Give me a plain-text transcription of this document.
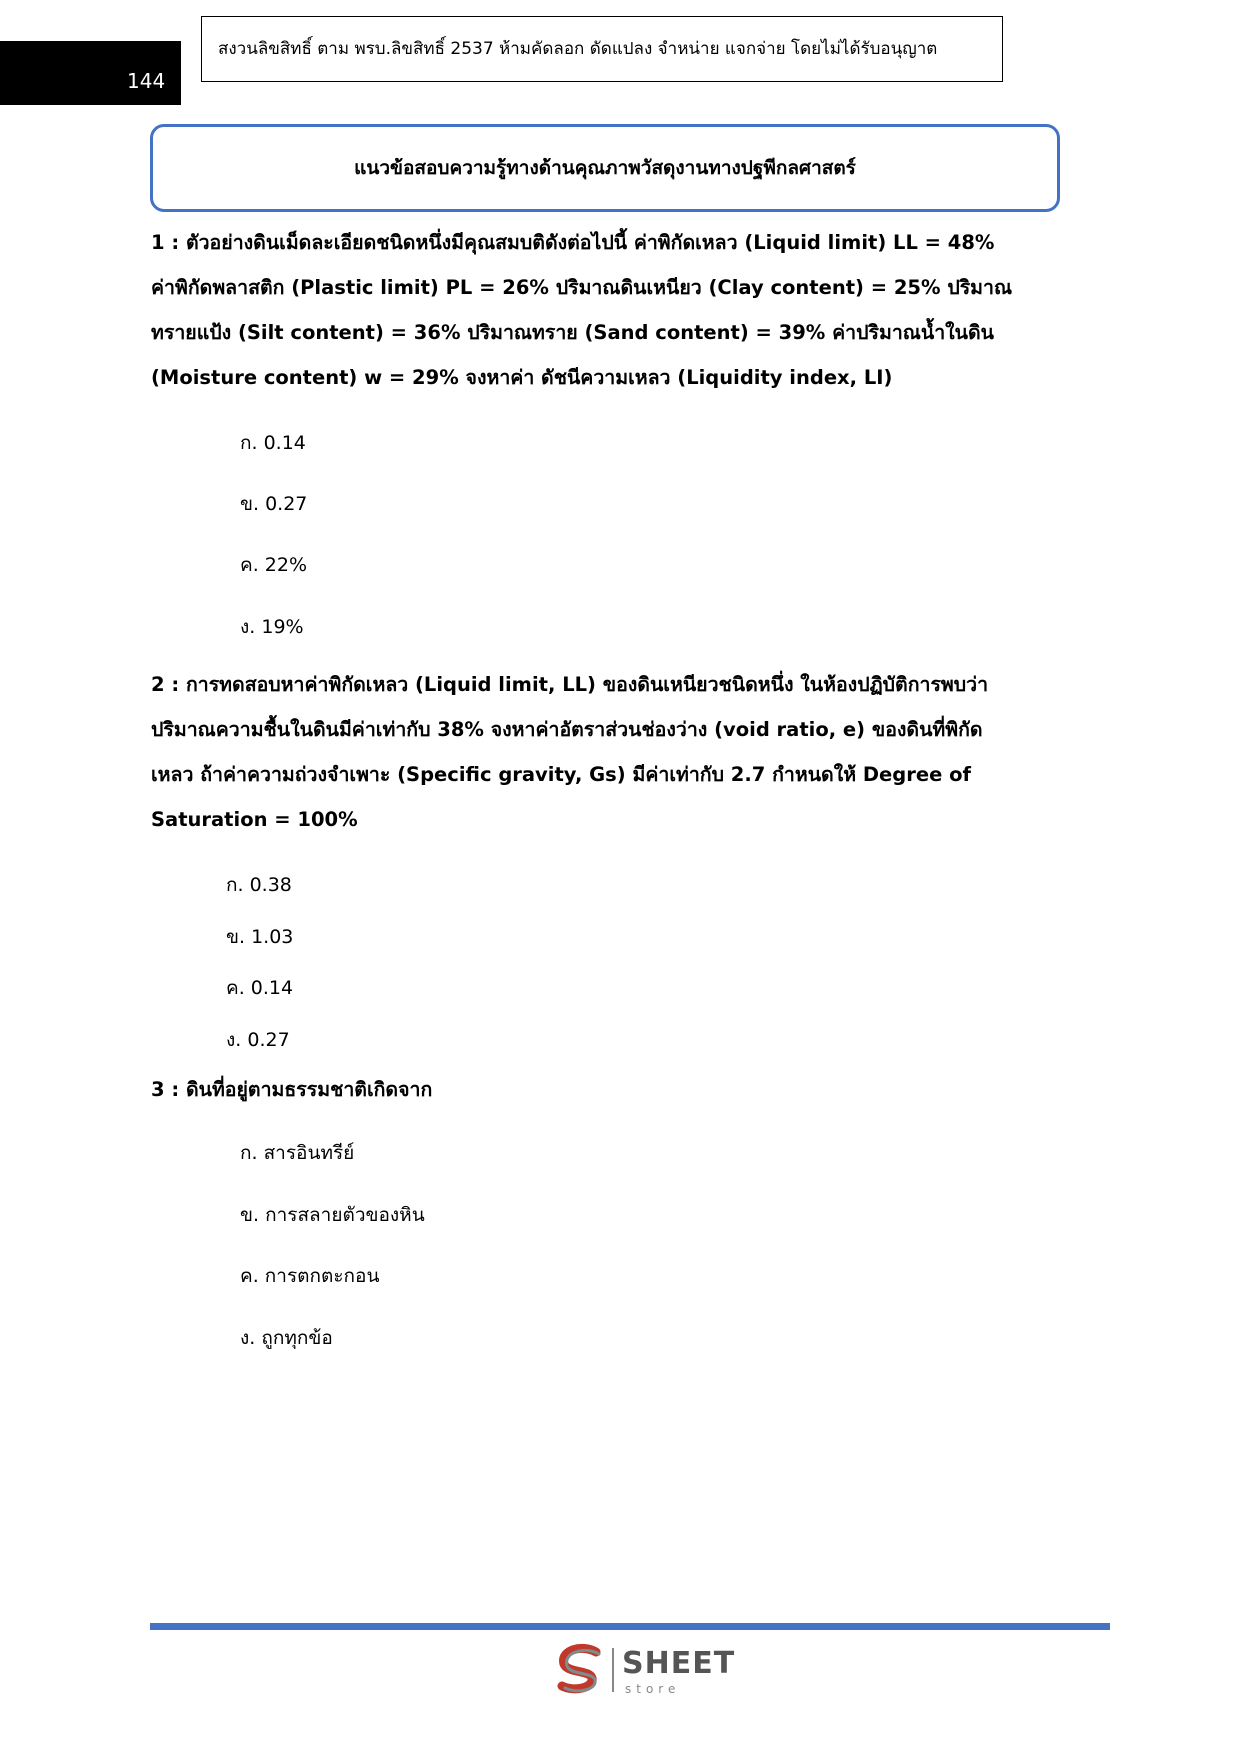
144
สงวนลิขสิทธิ์ ตาม พรบ.ลิขสิทธิ์ 2537 ห้ามคัดลอก ดัดแปลง จำหน่าย แจกจ่าย โดยไม่ได้รับอนุญาต
แนวข้อสอบความรู้ทางด้านคุณภาพวัสดุงานทางปฐพีกลศาสตร์
1 : ตัวอย่างดินเม็ดละเอียดชนิดหนึ่งมีคุณสมบติดังต่อไปนี้ ค่าพิกัดเหลว (Liquid limit) LL = 48%
ค่าพิกัดพลาสติก (Plastic limit) PL = 26% ปริมาณดินเหนียว (Clay content) = 25% ปริมาณ
ทรายแป้ง (Silt content) = 36% ปริมาณทราย (Sand content) = 39% ค่าปริมาณน้ำในดิน
(Moisture content) w = 29% จงหาค่า ดัชนีความเหลว (Liquidity index, LI)
ก. 0.14
ข. 0.27
ค. 22%
ง. 19%
2 : การทดสอบหาค่าพิกัดเหลว (Liquid limit, LL) ของดินเหนียวชนิดหนึ่ง ในห้องปฏิบัติการพบว่า
ปริมาณความชื้นในดินมีค่าเท่ากับ 38% จงหาค่าอัตราส่วนช่องว่าง (void ratio, e) ของดินที่พิกัด
เหลว ถ้าค่าความถ่วงจำเพาะ (Specific gravity, Gs) มีค่าเท่ากับ 2.7 กำหนดให้ Degree of
Saturation = 100%
ก. 0.38
ข. 1.03
ค. 0.14
ง. 0.27
3 : ดินที่อยู่ตามธรรมชาติเกิดจาก
ก. สารอินทรีย์
ข. การสลายตัวของหิน
ค. การตกตะกอน
ง. ถูกทุกข้อ
SHEET
store
